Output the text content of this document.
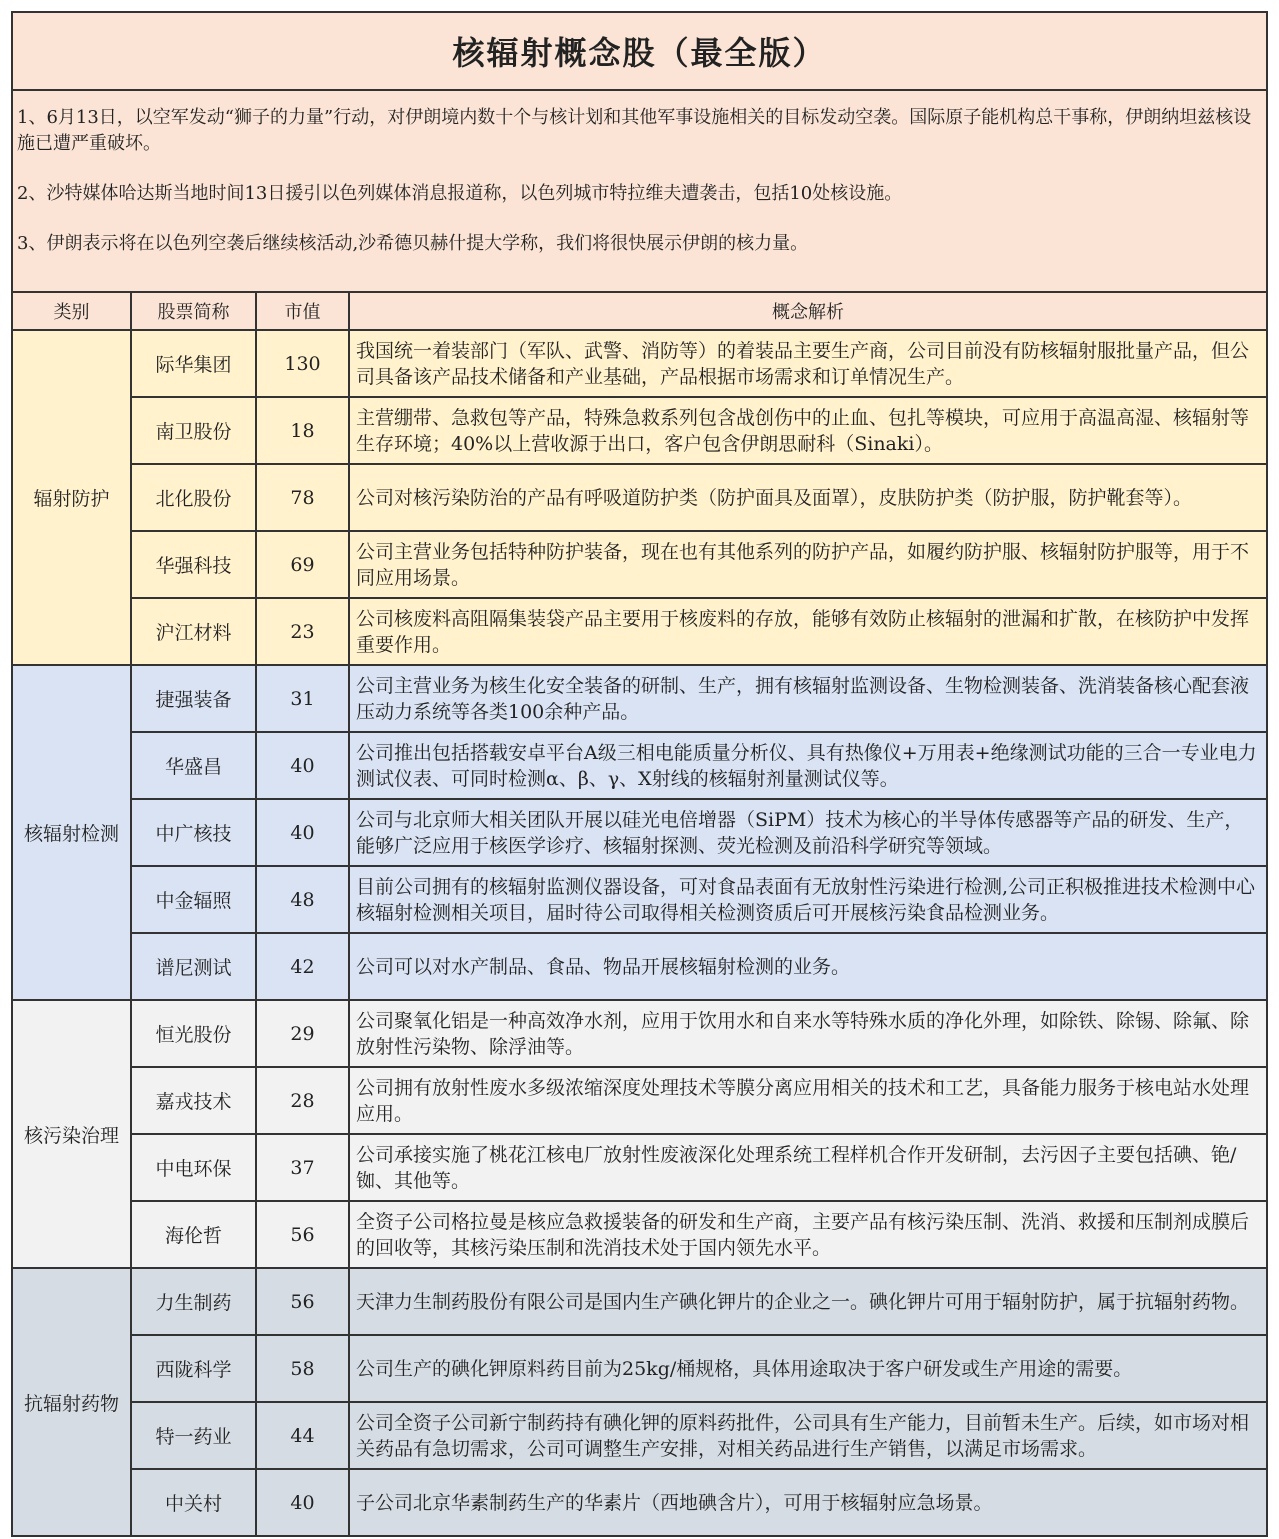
核辐射概念股（最全版）			

1、6月13日，以空军发动“狮子的力量”行动，对伊朗境内数十个与核计划和其他军事设施相关的目标发动空袭。国际原子能机构总干事称，伊朗纳坦兹核设施已遭严重破坏。

2、沙特媒体哈达斯当地时间13日援引以色列媒体消息报道称，以色列城市特拉维夫遭袭击，包括10处核设施。

3、伊朗表示将在以色列空袭后继续核活动,沙希德贝赫什提大学称，我们将很快展示伊朗的核力量。			

类别	股票简称	市值	概念解析
辐射防护	际华集团	130	我国统一着装部门（军队、武警、消防等）的着装品主要生产商，公司目前没有防核辐射服批量产品，但公司具备该产品技术储备和产业基础，产品根据市场需求和订单情况生产。
	南卫股份	18	主营绷带、急救包等产品，特殊急救系列包含战创伤中的止血、包扎等模块，可应用于高温高湿、核辐射等生存环境；40%以上营收源于出口，客户包含伊朗思耐科（Sinaki）。
	北化股份	78	公司对核污染防治的产品有呼吸道防护类（防护面具及面罩），皮肤防护类（防护服，防护靴套等）。
	华强科技	69	公司主营业务包括特种防护装备，现在也有其他系列的防护产品，如履约防护服、核辐射防护服等，用于不同应用场景。
	沪江材料	23	公司核废料高阻隔集装袋产品主要用于核废料的存放，能够有效防止核辐射的泄漏和扩散，在核防护中发挥重要作用。
核辐射检测	捷强装备	31	公司主营业务为核生化安全装备的研制、生产，拥有核辐射监测设备、生物检测装备、洗消装备核心配套液压动力系统等各类100余种产品。
	华盛昌	40	公司推出包括搭载安卓平台A级三相电能质量分析仪、具有热像仪+万用表+绝缘测试功能的三合一专业电力测试仪表、可同时检测α、β、γ、X射线的核辐射剂量测试仪等。
	中广核技	40	公司与北京师大相关团队开展以硅光电倍增器（SiPM）技术为核心的半导体传感器等产品的研发、生产，能够广泛应用于核医学诊疗、核辐射探测、荧光检测及前沿科学研究等领域。
	中金辐照	48	目前公司拥有的核辐射监测仪器设备，可对食品表面有无放射性污染进行检测,公司正积极推进技术检测中心核辐射检测相关项目，届时待公司取得相关检测资质后可开展核污染食品检测业务。
	谱尼测试	42	公司可以对水产制品、食品、物品开展核辐射检测的业务。
核污染治理	恒光股份	29	公司聚氧化铝是一种高效净水剂，应用于饮用水和自来水等特殊水质的净化外理，如除铁、除锡、除氟、除放射性污染物、除浮油等。
	嘉戎技术	28	公司拥有放射性废水多级浓缩深度处理技术等膜分离应用相关的技术和工艺，具备能力服务于核电站水处理应用。
	中电环保	37	公司承接实施了桃花江核电厂放射性废液深化处理系统工程样机合作开发研制，去污因子主要包括碘、铯/铷、其他等。
	海伦哲	56	全资子公司格拉曼是核应急救援装备的研发和生产商，主要产品有核污染压制、洗消、救援和压制剂成膜后的回收等，其核污染压制和洗消技术处于国内领先水平。
抗辐射药物	力生制药	56	天津力生制药股份有限公司是国内生产碘化钾片的企业之一。碘化钾片可用于辐射防护，属于抗辐射药物。
	西陇科学	58	公司生产的碘化钾原料药目前为25kg/桶规格，具体用途取决于客户研发或生产用途的需要。
	特一药业	44	公司全资子公司新宁制药持有碘化钾的原料药批件，公司具有生产能力，目前暂未生产。后续，如市场对相关药品有急切需求，公司可调整生产安排，对相关药品进行生产销售，以满足市场需求。
	中关村	40	子公司北京华素制药生产的华素片（西地碘含片），可用于核辐射应急场景。
